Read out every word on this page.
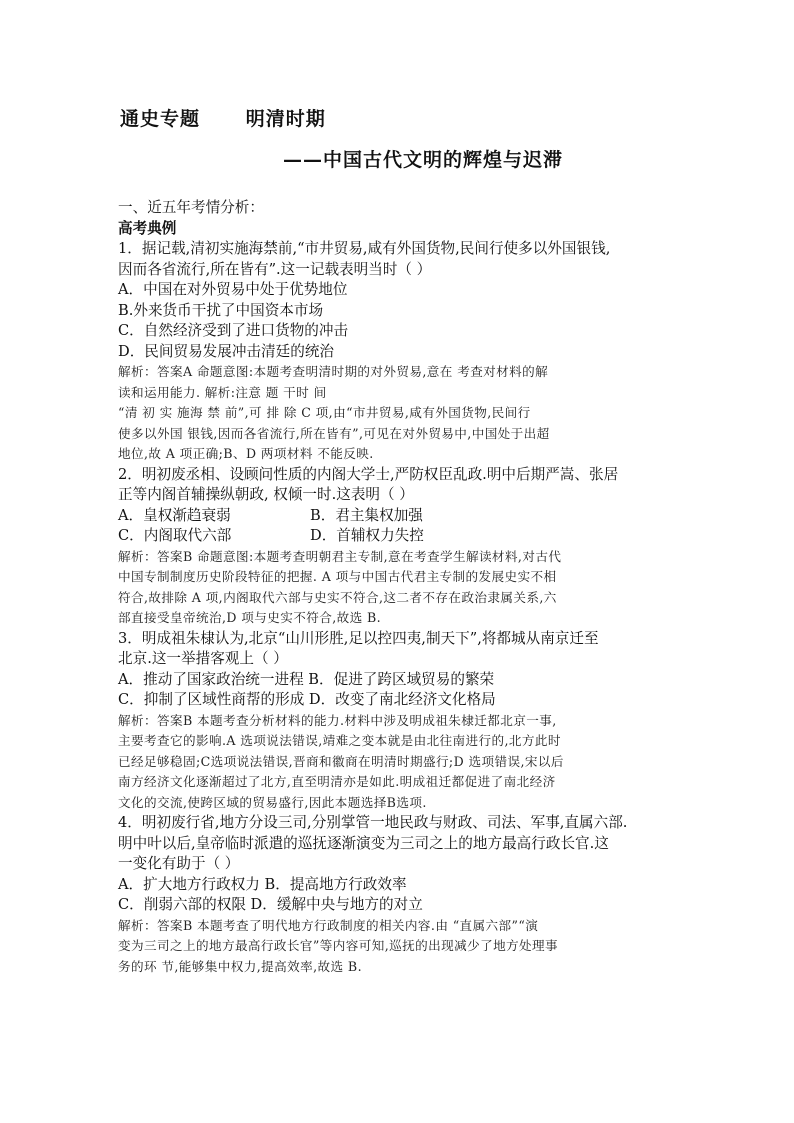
通史专题      明清时期
——中国古代文明的辉煌与迟滞
一、近五年考情分析：
高考典例
1．据记载,清初实施海禁前,“市井贸易,咸有外国货物,民间行使多以外国银钱,
因而各省流行,所在皆有”.这一记载表明当时（ ）
A．中国在对外贸易中处于优势地位
B.外来货币干扰了中国资本市场
C．自然经济受到了进口货物的冲击
D．民间贸易发展冲击清廷的统治
解析：答案A 命题意图:本题考查明清时期的对外贸易,意在 考查对材料的解
读和运用能力. 解析:注意 题 干时 间
“清 初 实 施海 禁 前”,可 排 除 C 项,由“市井贸易,咸有外国货物,民间行
使多以外国 银钱,因而各省流行,所在皆有”,可见在对外贸易中,中国处于出超
地位,故 A 项正确;B、D 两项材料 不能反映.
2．明初废丞相、设顾问性质的内阁大学士,严防权臣乱政.明中后期严嵩、张居
正等内阁首辅操纵朝政, 权倾一时.这表明（ ）
A．皇权渐趋衰弱	B．君主集权加强
C．内阁取代六部	D．首辅权力失控
解析：答案B 命题意图:本题考查明朝君主专制,意在考查学生解读材料,对古代
中国专制制度历史阶段特征的把握. A 项与中国古代君主专制的发展史实不相
符合,故排除 A 项,内阁取代六部与史实不符合,这二者不存在政治隶属关系,六
部直接受皇帝统治,D 项与史实不符合,故选 B.
3．明成祖朱棣认为,北京“山川形胜,足以控四夷,制天下”,将都城从南京迁至
北京.这一举措客观上（ ）
A．推动了国家政治统一进程 B．促进了跨区域贸易的繁荣
C．抑制了区域性商帮的形成 D．改变了南北经济文化格局
解析：答案B 本题考查分析材料的能力.材料中涉及明成祖朱棣迁都北京一事,
主要考查它的影响.A 选项说法错误,靖难之变本就是由北往南进行的,北方此时
已经足够稳固;C选项说法错误,晋商和徽商在明清时期盛行;D 选项错误,宋以后
南方经济文化逐渐超过了北方,直至明清亦是如此.明成祖迁都促进了南北经济
文化的交流,使跨区域的贸易盛行,因此本题选择B选项.
4．明初废行省,地方分设三司,分别掌管一地民政与财政、司法、军事,直属六部.
明中叶以后,皇帝临时派遣的巡抚逐渐演变为三司之上的地方最高行政长官.这
一变化有助于（ ）
A．扩大地方行政权力 B．提高地方行政效率
C．削弱六部的权限 D．缓解中央与地方的对立
解析：答案B 本题考查了明代地方行政制度的相关内容.由 “直属六部”“演
变为三司之上的地方最高行政长官”等内容可知,巡抚的出现减少了地方处理事
务的环 节,能够集中权力,提高效率,故选 B.
